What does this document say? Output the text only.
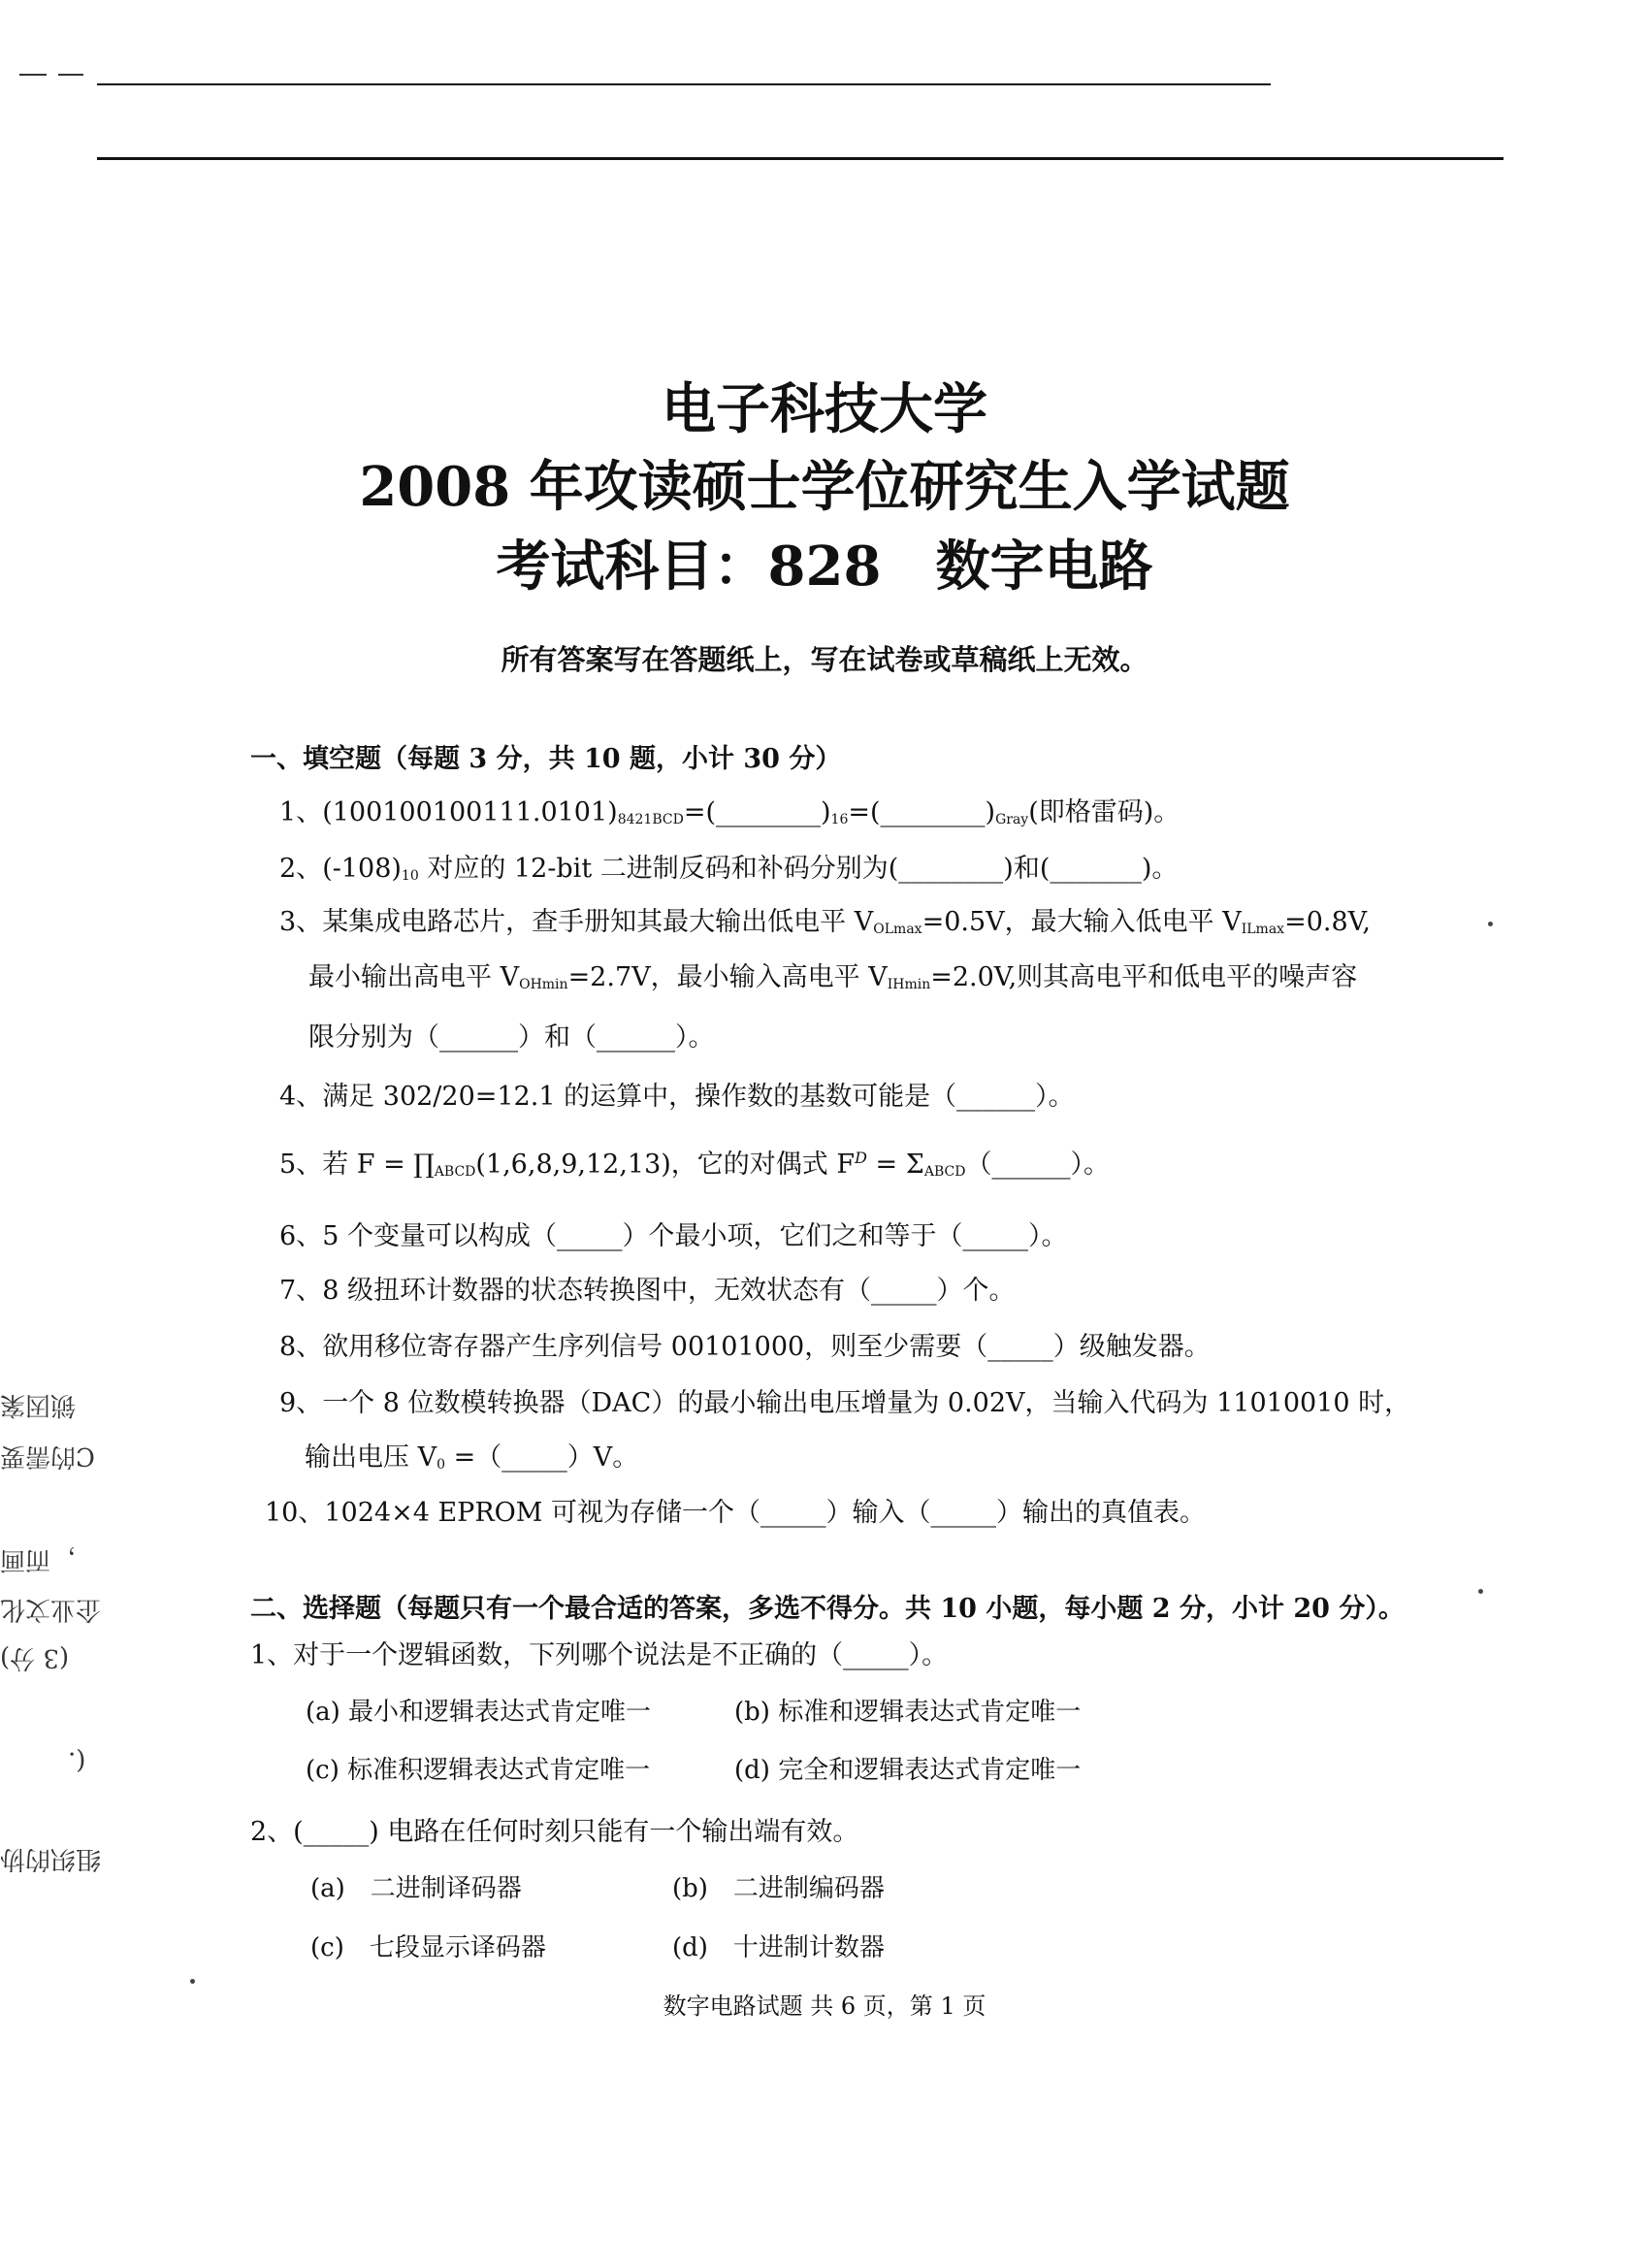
电子科技大学
2008 年攻读硕士学位研究生入学试题
考试科目：828　数字电路
所有答案写在答题纸上，写在试卷或草稿纸上无效。
一、填空题（每题 3 分，共 10 题，小计 30 分）
1、$(100100100111.0101)_{8421BCD}=(\_\_\_\_\_\_\_\_)_{16}=(\_\_\_\_\_\_\_\_)_{Gray}$(即格雷码)。
2、$(-108)_{10}$ 对应的 12-bit 二进制反码和补码分别为(________)和(_______)。
3、某集成电路芯片，查手册知其最大输出低电平 $V_{OLmax}=0.5V$，最大输入低电平 $V_{ILmax}=0.8V$,
最小输出高电平 $V_{OHmin}=2.7V$，最小输入高电平 $V_{IHmin}=2.0V$,则其高电平和低电平的噪声容
限分别为（______）和（______）。
4、满足 302/20=12.1 的运算中，操作数的基数可能是（______）。
5、若 $F = \prod_{ABCD}(1,6,8,9,12,13)$，它的对偶式 $F^D$ = $\Sigma_{ABCD}(\_\_\_\_\_\_)$。
6、5 个变量可以构成（_____）个最小项，它们之和等于（_____）。
7、8 级扭环计数器的状态转换图中，无效状态有（_____）个。
8、欲用移位寄存器产生序列信号 00101000，则至少需要（_____）级触发器。
9、一个 8 位数模转换器（DAC）的最小输出电压增量为 0.02V，当输入代码为 11010010 时，
输出电压 $V_0$ =（_____）V。
10、1024×4 EPROM 可视为存储一个（_____）输入（_____）输出的真值表。
二、选择题（每题只有一个最合适的答案，多选不得分。共 10 小题，每小题 2 分，小计 20 分）。
1、对于一个逻辑函数，下列哪个说法是不正确的（_____）。
(a) 最小和逻辑表达式肯定唯一	(b) 标准和逻辑表达式肯定唯一
(c) 标准积逻辑表达式肯定唯一	(d) 完全和逻辑表达式肯定唯一
2、(_____) 电路在任何时刻只能有一个输出端有效。
(a)　二进制译码器	(b)　二进制编码器
(c)　七段显示译码器	(d)　十进制计数器
数字电路试题 共 6 页，第 1 页
锁因案
C的需要
，而画
企业文化
(3 分)
(.
组织的协
